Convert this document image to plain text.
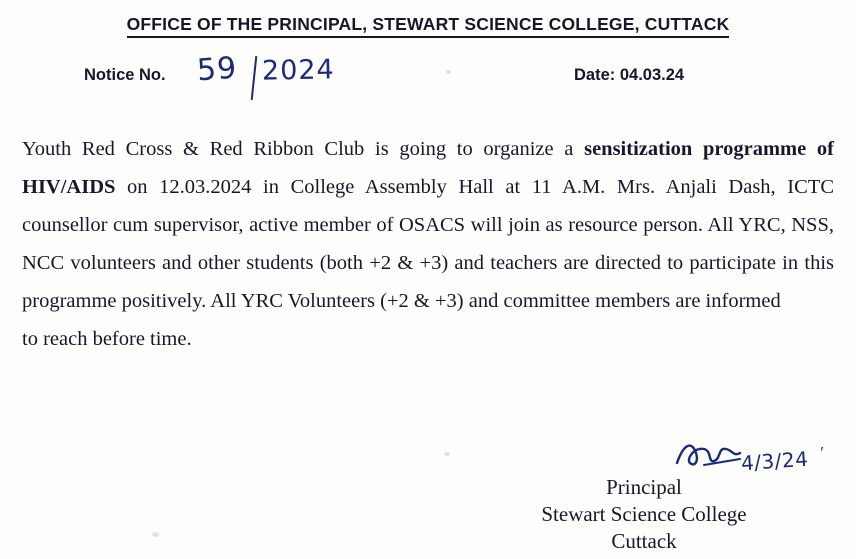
OFFICE OF THE PRINCIPAL, STEWART SCIENCE COLLEGE, CUTTACK
Notice No. 59 2024	Date: 04.03.24
Youth Red Cross & Red Ribbon Club is going to organize a sensitization programme of HIV/AIDS on 12.03.2024 in College Assembly Hall at 11 A.M. Mrs. Anjali Dash, ICTC counsellor cum supervisor, active member of OSACS will join as resource person. All YRC, NSS, NCC volunteers and other students (both +2 & +3) and teachers are directed to participate in this programme positively. All YRC Volunteers (+2 & +3) and committee members are informed
to reach before time.
4/3/24 ʹ
Principal
Stewart Science College
Cuttack
